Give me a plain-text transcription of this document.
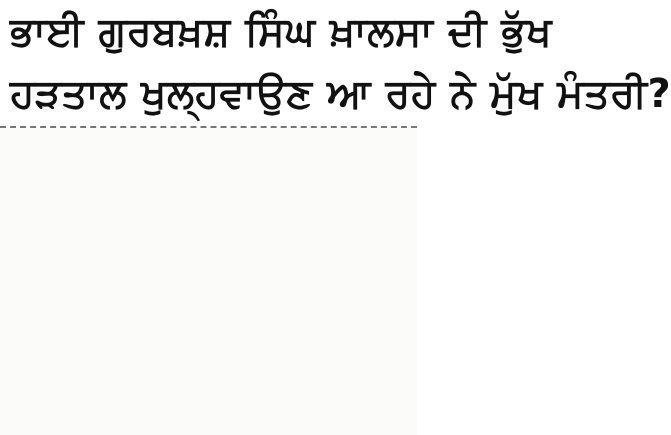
ਭਾਈ ਗੁਰਬਖ਼ਸ਼ ਸਿੰਘ ਖ਼ਾਲਸਾ ਦੀ ਭੁੱਖ
ਹੜਤਾਲ ਖੁਲ੍ਹਵਾਉਣ ਆ ਰਹੇ ਨੇ ਮੁੱਖ ਮੰਤਰੀ?
